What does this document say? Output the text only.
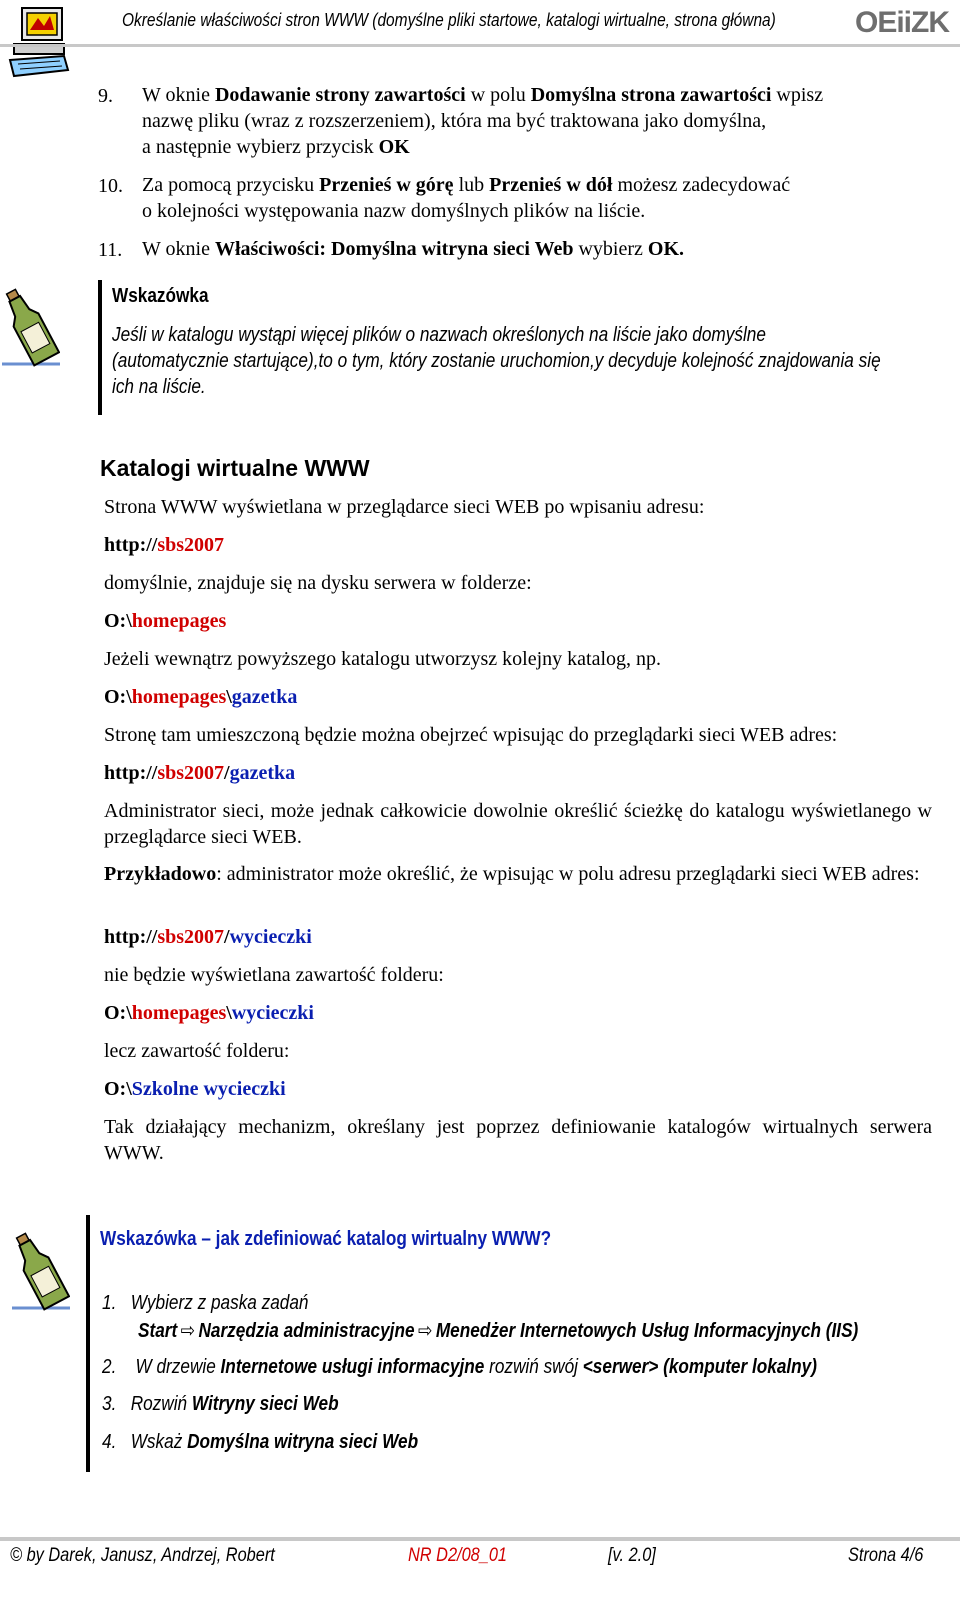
Określanie właściwości stron WWW (domyślne pliki startowe, katalogi wirtualne, strona główna)	OEiiZK
9. W oknie Dodawanie strony zawartości w polu Domyślna strona zawartości wpisz
nazwę pliku (wraz z rozszerzeniem), która ma być traktowana jako domyślna,
a następnie wybierz przycisk OK
10. Za pomocą przycisku Przenieś w górę lub Przenieś w dół możesz zadecydować
o kolejności występowania nazw domyślnych plików na liście.
11. W oknie Właściwości: Domyślna witryna sieci Web wybierz OK.
Wskazówka
Jeśli w katalogu wystąpi więcej plików o nazwach określonych na liście jako domyślne
(automatycznie startujące),to o tym, który zostanie uruchomion,y decyduje kolejność znajdowania się
ich na liście.
Katalogi wirtualne WWW
Strona WWW wyświetlana w przeglądarce sieci WEB po wpisaniu adresu:
http://sbs2007
domyślnie, znajduje się na dysku serwera w folderze:
O:\homepages
Jeżeli wewnątrz powyższego katalogu utworzysz kolejny katalog, np.
O:\homepages\gazetka
Stronę tam umieszczoną będzie można obejrzeć wpisując do przeglądarki sieci WEB adres:
http://sbs2007/gazetka
Administrator sieci, może jednak całkowicie dowolnie określić ścieżkę do katalogu wyświetlanego w przeglądarce sieci WEB.
Przykładowo: administrator może określić, że wpisując w polu adresu przeglądarki sieci WEB adres:
http://sbs2007/wycieczki
nie będzie wyświetlana zawartość folderu:
O:\homepages\wycieczki
lecz zawartość folderu:
O:\Szkolne wycieczki
Tak działający mechanizm, określany jest poprzez definiowanie katalogów wirtualnych serwera WWW.
Wskazówka – jak zdefiniować katalog wirtualny WWW?
1. Wybierz z paska zadań
Start ⇨ Narzędzia administracyjne ⇨ Menedżer Internetowych Usług Informacyjnych (IIS)
2. W drzewie Internetowe usługi informacyjne rozwiń swój <serwer> (komputer lokalny)
3. Rozwiń Witryny sieci Web
4. Wskaż Domyślna witryna sieci Web
© by Darek, Janusz, Andrzej, Robert	NR D2/08_01	[v. 2.0]	Strona 4/6
